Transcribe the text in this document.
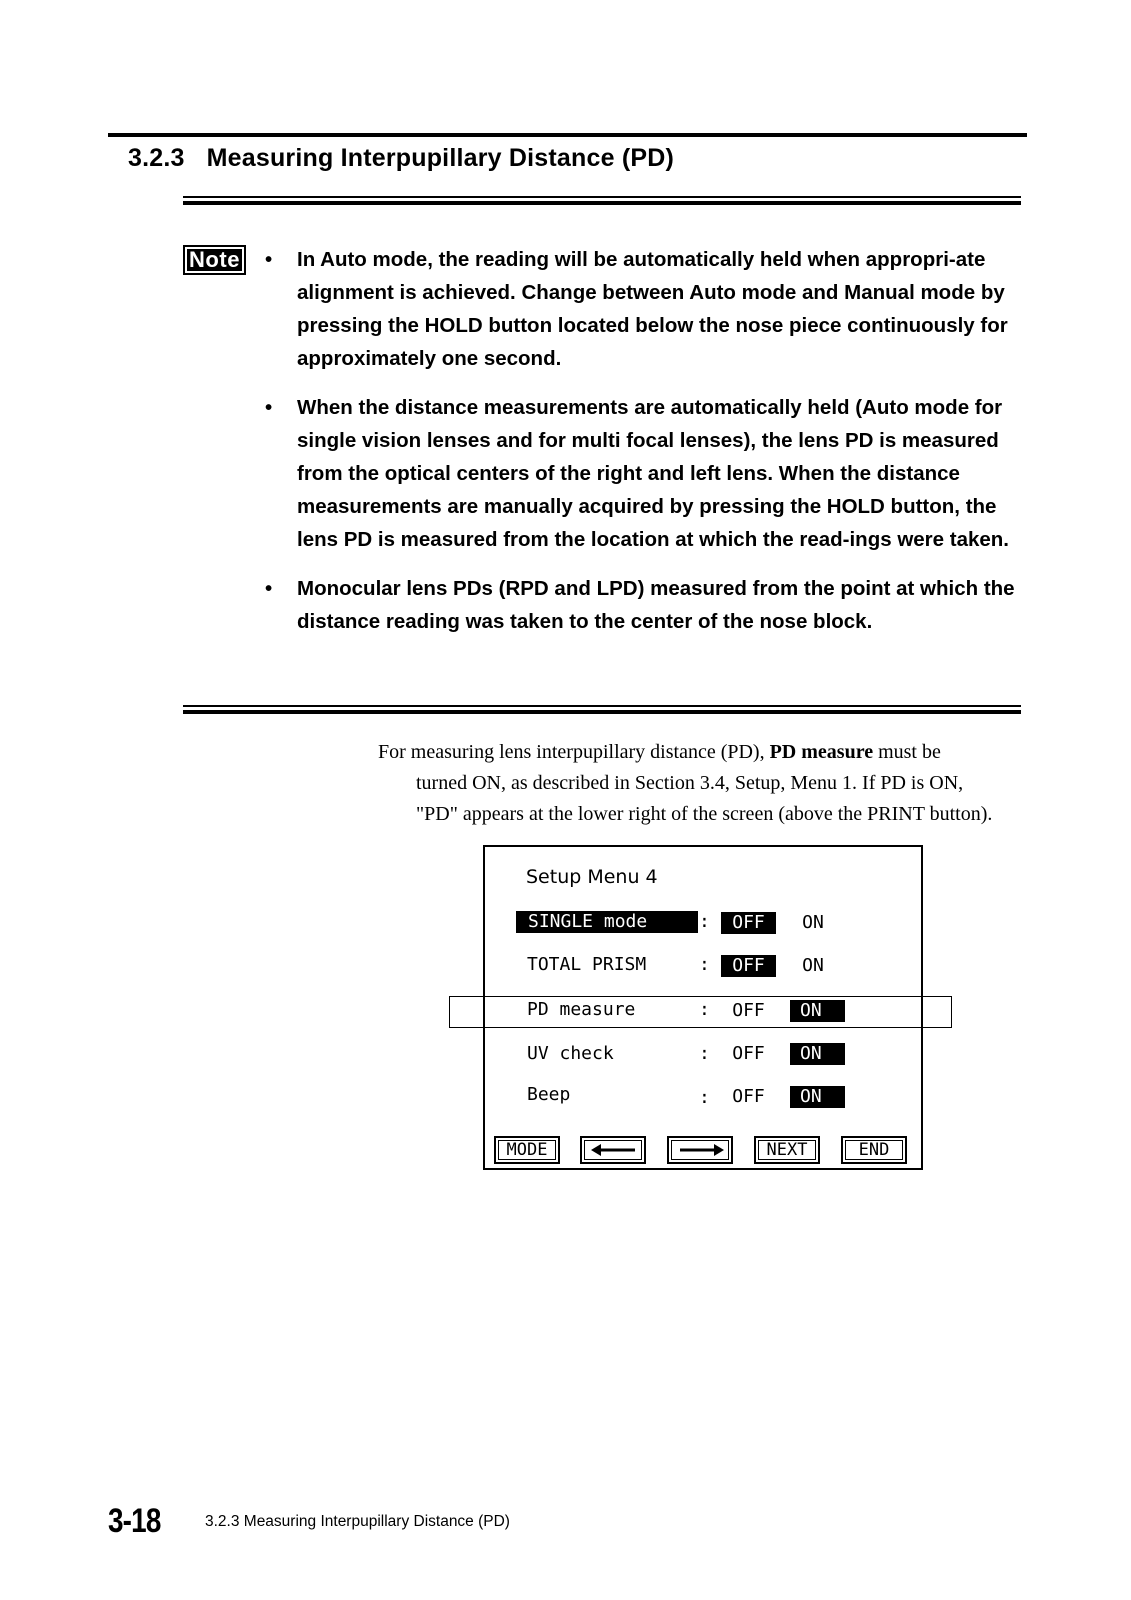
3.2.3 Measuring Interpupillary Distance (PD)
Note • In Auto mode, the reading will be automatically held when appropri-ate alignment is achieved. Change between Auto mode and Manual mode by pressing the HOLD button located below the nose piece continuously for approximately one second.
• When the distance measurements are automatically held (Auto mode for single vision lenses and for multi focal lenses), the lens PD is measured from the optical centers of the right and left lens. When the distance measurements are manually acquired by pressing the HOLD button, the lens PD is measured from the location at which the read-ings were taken.
• Monocular lens PDs (RPD and LPD) measured from the point at which the distance reading was taken to the center of the nose block.
For measuring lens interpupillary distance (PD), PD measure must be
turned ON, as described in Section 3.4, Setup, Menu 1. If PD is ON,
"PD" appears at the lower right of the screen (above the PRINT button).
Setup Menu 4
SINGLE mode	:	OFF	ON
TOTAL PRISM	:	OFF	ON
PD measure	:	OFF	ON
UV check	:	OFF	ON
Beep	:	OFF	ON
MODE	NEXT	END
3-18	3.2.3 Measuring Interpupillary Distance (PD)
